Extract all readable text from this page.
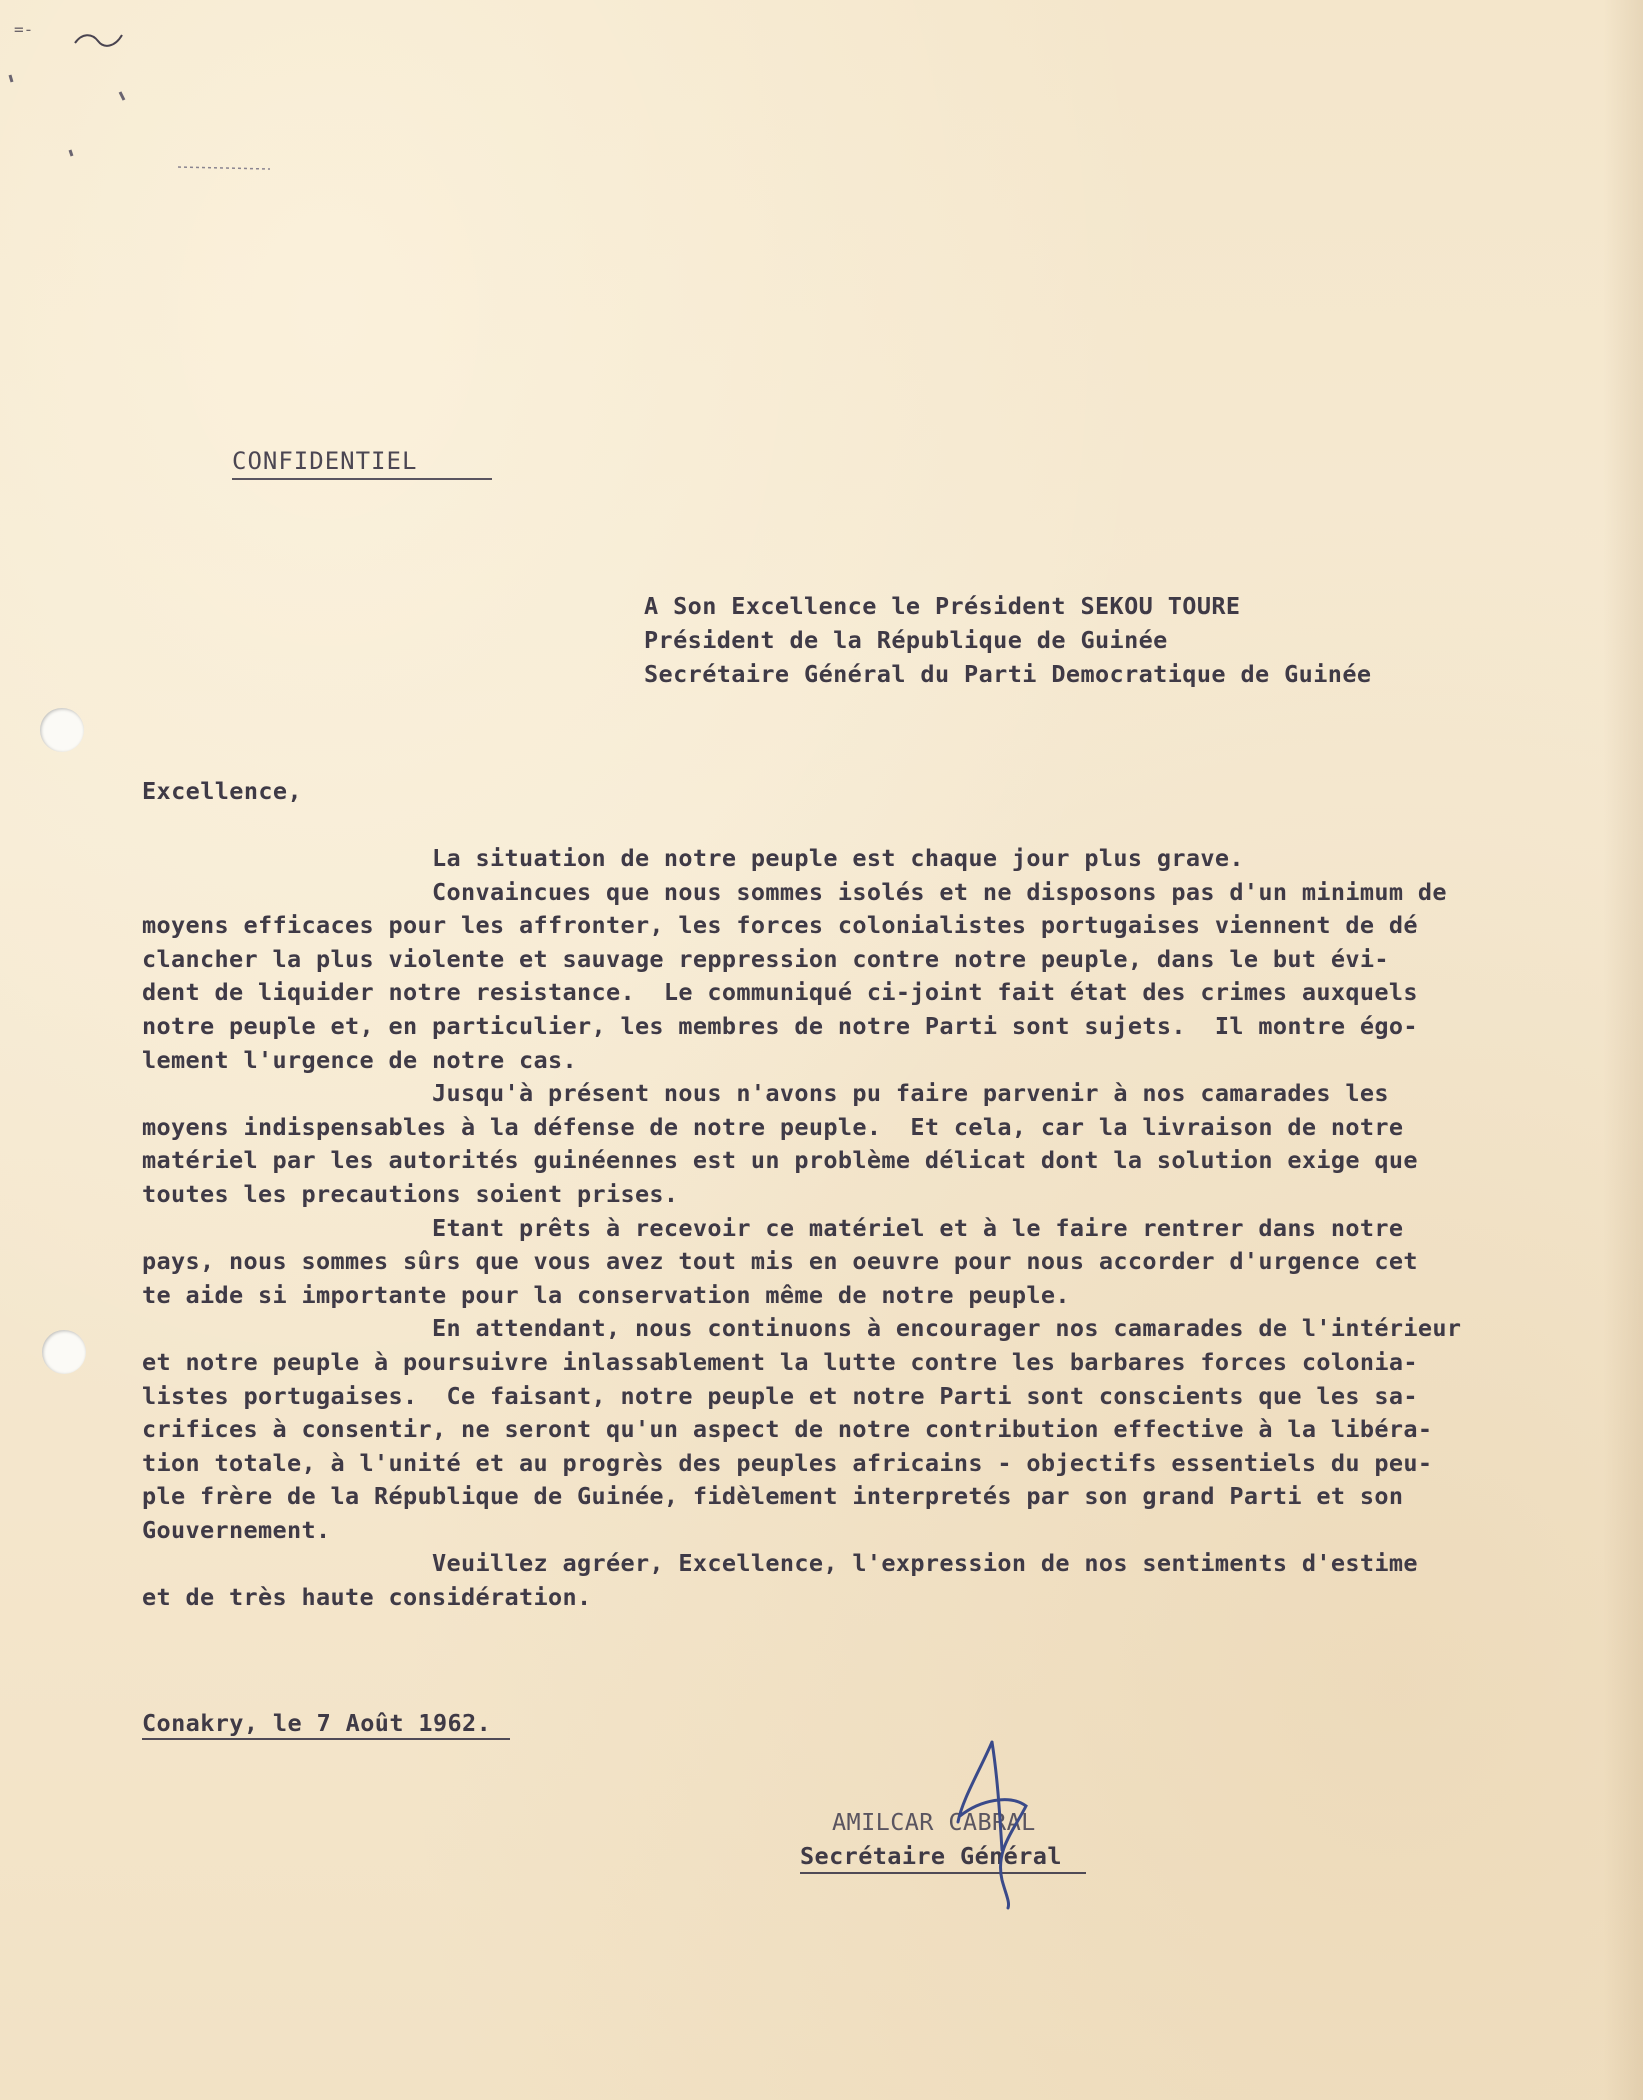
=-
CONFIDENTIEL
A Son Excellence le Président SEKOU TOURE
Président de la République de Guinée
Secrétaire Général du Parti Democratique de Guinée
Excellence,

La situation de notre peuple est chaque jour plus grave.

Convaincues que nous sommes isolés et ne disposons pas d'un minimum de

moyens efficaces pour les affronter, les forces colonialistes portugaises viennent de dé

clancher la plus violente et sauvage reppression contre notre peuple, dans le but évi-

dent de liquider notre resistance.  Le communiqué ci-joint fait état des crimes auxquels

notre peuple et, en particulier, les membres de notre Parti sont sujets.  Il montre égo-

lement l'urgence de notre cas.

Jusqu'à présent nous n'avons pu faire parvenir à nos camarades les

moyens indispensables à la défense de notre peuple.  Et cela, car la livraison de notre

matériel par les autorités guinéennes est un problème délicat dont la solution exige que

toutes les precautions soient prises.

Etant prêts à recevoir ce matériel et à le faire rentrer dans notre

pays, nous sommes sûrs que vous avez tout mis en oeuvre pour nous accorder d'urgence cet

te aide si importante pour la conservation même de notre peuple.

En attendant, nous continuons à encourager nos camarades de l'intérieur

et notre peuple à poursuivre inlassablement la lutte contre les barbares forces colonia-

listes portugaises.  Ce faisant, notre peuple et notre Parti sont conscients que les sa-

crifices à consentir, ne seront qu'un aspect de notre contribution effective à la libéra-

tion totale, à l'unité et au progrès des peuples africains - objectifs essentiels du peu-

ple frère de la République de Guinée, fidèlement interpretés par son grand Parti et son

Gouvernement.

Veuillez agréer, Excellence, l'expression de nos sentiments d'estime

et de très haute considération.

Conakry, le 7 Août 1962.
AMILCAR CABRAL
Secrétaire Général
